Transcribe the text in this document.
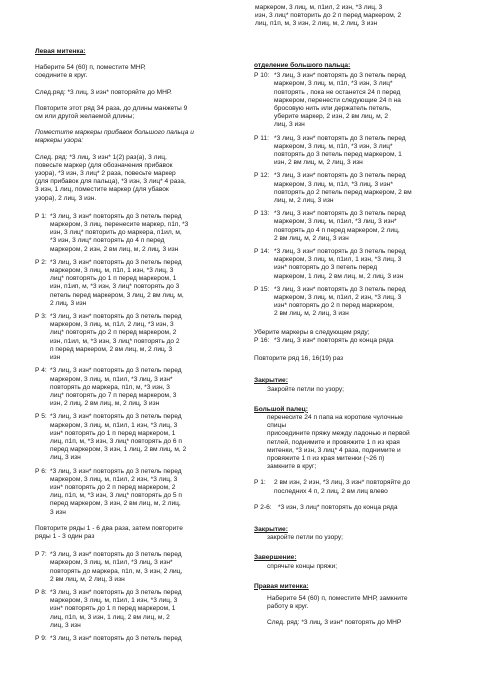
маркером, 3 лиц, м, п1ил, 2 изн, *3 лиц, 3
изн, 3 лиц* повторить до 2 п перед маркером, 2
лиц, п1п, м, 3 изн, 2 лиц, м, 2 лиц, 3 изн
Левая митенка:
Наберите 54 (60) п, поместите МНР,
соедините в круг.
След.ряд: *3 лиц, 3 изн* повторяйте до МНР.
Повторите этот ряд 34 раза, до длины манжеты 9
см или другой желаемой длины;
Поместите маркеры прибавок большого пальца и
маркеры узора:
След. ряд: *3 лиц, 3 изн* 1(2) раз(а), 3 лиц,
повесьте маркер (для обозначения прибавок
узора), *3 изн, 3 лиц* 2 раза, повесьте маркер
(для прибавок для пальца), *3 изн, 3 лиц* 4 раза,
3 изн, 1 лиц, поместите маркер (для убавок
узора), 2 лиц, 3 изн.
Р 1: *3 лиц, 3 изн* повторять до 3 петель перед
маркером, 3 лиц, перенесите маркер, п1п, *3
изн, 3 лиц* повторить до маркера, п1ил, м,
*3 изн, 3 лиц* повторять до 4 п перед
маркером, 2 изн, 2 вм лиц, м, 2 лиц, 3 изн
Р 2: *3 лиц, 3 изн* повторять до 3 петель перед
маркером, 3 лиц, м, п1п, 1 изн, *3 лиц, 3
лиц* повторять до 1 п перед маркером, 1
изн, п1ип, м, *3 изн, 3 лиц* повторять до 3
петель перед маркером, 3 лиц, 2 вм лиц, м,
2 лиц, 3 изн
Р 3: *3 лиц, 3 изн* повторять до 3 петель перед
маркером, 3 лиц, м, п1л, 2 лиц, *3 изн, 3
лиц* повторять до 2 п перед маркером, 2
изн, п1ил, м, *3 изн, 3 лиц* повторять до 2
п перед маркером, 2 вм лиц, м, 2 лиц, 3
изн
Р 4: *3 лиц, 3 изн* повторять до 3 петель перед
маркером, 3 лиц, м, п1ил, *3 лиц, 3 изн*
повторять до маркера, п1п, м, *3 изн, 3
лиц* повторять до 7 п перед маркером, 3
изн, 2 лиц, 2 вм лиц, м, 2 лиц, 3 изн
Р 5: *3 лиц, 3 изн* повторять до 3 петель перед
маркером, 3 лиц, м, п1ил, 1 изн, *3 лиц, 3
изн* повторять до 1 п перед маркером, 1
лиц, п1п, м, *3 изн, 3 лиц* повторять до 6 п
перед маркером, 3 изн, 1 лиц, 2 вм лиц, м, 2
лиц, 3 изн
Р 6: *3 лиц, 3 изн* повторять до 3 петель перед
маркером, 3 лиц, м, п1ил, 2 изн, *3 лиц, 3
изн* повторять до 2 п перед маркером, 2
лиц, п1п, м, *3 изн, 3 лиц* повторять до 5 п
перед маркером, 3 изн, 2 вм лиц, м, 2 лиц,
3 изн
Повторите ряды 1 - 6 два раза, затем повторите
ряды 1 - 3 один раз
Р 7: *3 лиц, 3 изн* повторять до 3 петель перед
маркером, 3 лиц, м, п1ил, *3 лиц, 3 изн*
повторять до маркера, п1п, м, 3 изн, 2 лиц,
2 вм лиц, м, 2 лиц, 3 изн
Р 8: *3 лиц, 3 изн* повторять до 3 петель перед
маркером, 3 лиц, м, п1ил, 1 изн, *3 лиц, 3
изн* повторять до 1 п перед маркером, 1
лиц, п1п, м, 3 изн, 1 лиц, 2 вм лиц, м, 2
лиц, 3 изн
Р 9: *3 лиц, 3 изн* повторять до 3 петель перед
отделение большого пальца:
Р 10: *3 лиц, 3 изн* повторять до 3 петель перед
маркером, 3 лиц, м, п1п, *3 изн, 3 лиц*
повторять , пока не останется 24 п перед
маркером, перенести следующие 24 п на
бросовую нить или держатель петель,
уберите маркер, 2 изн, 2 вм лиц, м, 2
лиц, 3 изн
Р 11: *3 лиц, 3 изн* повторять до 3 петель перед
маркером, 3 лиц, м, п1п, *3 изн, 3 лиц*
повторять до 3 петель перед маркером, 1
изн, 2 вм лиц, м, 2 лиц, 3 изн
Р 12: *3 лиц, 3 изн* повторять до 3 петель перед
маркером, 3 лиц, м, п1л, *3 лиц, 3 изн*
повторять до 2 петель перед маркером, 2 вм
лиц, м, 2 лиц, 3 изн
Р 13: *3 лиц, 3 изн* повторять до 3 петель перед
маркером, 3 лиц, м, п1ил, *3 лиц, 3 изн*
повторять до 4 п перед маркером, 2 лиц,
2 вм лиц, м, 2 лиц, 3 изн
Р 14: *3 лиц, 3 изн* повторять до 3 петель перед
маркером, 3 лиц, м, п1ил, 1 изн, *3 лиц, 3
изн* повторять до 3 петель перед
маркером, 1 лиц, 2 вм лиц, м, 2 лиц, 3 изн
Р 15: *3 лиц, 3 изн* повторять до 3 петель перед
маркером, 3 лиц, м, п1ил, 2 изн, *3 лиц, 3
изн* повторять до 2 п перед маркером,
2 вм лиц, м, 2 лиц, 3 изн
Уберите маркеры в следующем ряду;
Р 16: *3 лиц, 3 изн* повторять до конца ряда
Повторите ряд 16, 16(19) раз
Закрытие:
Закройте петли по узору;
Большой палец:
перенесите 24 п папа на короткие чулочные
спицы
присоедините пряжу между ладонью и первой
петлей, поднимите и провяжите 1 п из края
митенки, *3 изн, 3 лиц* 4 раза, поднимите и
провяжите 1 п из края митенки (~26 п)
замкните в круг;
Р 1:	2 вм изн, 2 изн, *3 лиц, 3 изн* повторяйте до
последних 4 п, 2 лиц, 2 вм лиц влево
Р 2-6: *3 изн, 3 лиц* повторять до конца ряда
Закрытие:
закройте петли по узору;
Завершение:
спрячьте концы пряжи;
Правая митенка:
Наберите 54 (60) п, поместите МНР, замкните
работу в круг.
След. ряд: *3 лиц, 3 изн* повторять до МНР
